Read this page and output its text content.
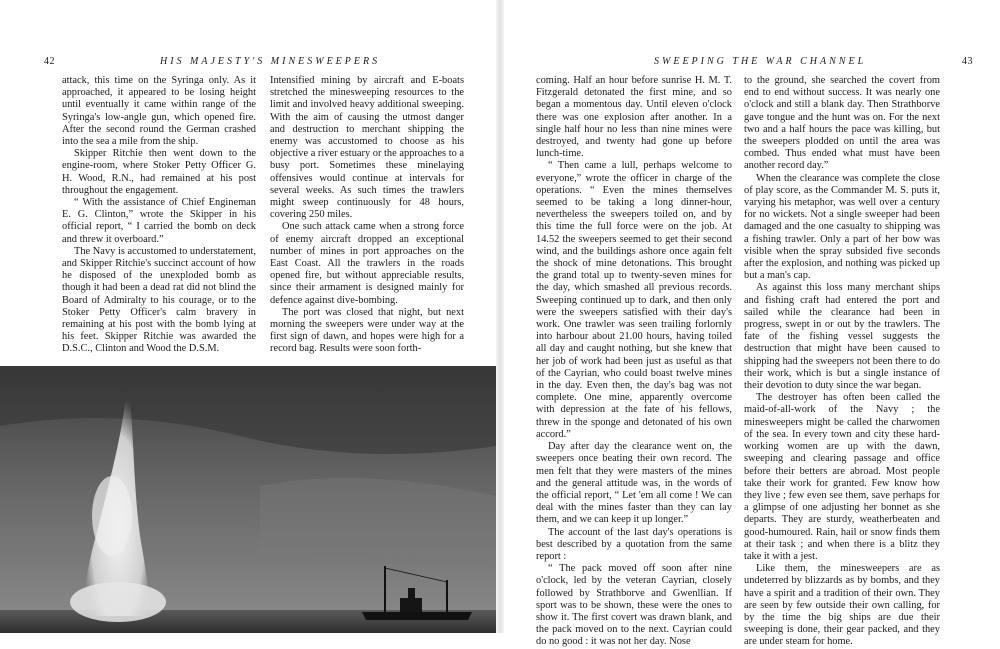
42	HIS MAJESTY'S MINESWEEPERS

attack, this time on the Syringa only. As it approached, it appeared to be losing height until eventually it came within range of the Syringa's low-angle gun, which opened fire. After the second round the German crashed into the sea a mile from the ship.

Skipper Ritchie then went down to the engine-room, where Stoker Petty Officer G. H. Wood, R.N., had remained at his post throughout the engagement.

“ With the assistance of Chief Engineman E. G. Clinton,” wrote the Skipper in his official report, “ I carried the bomb on deck and threw it overboard.”

The Navy is accustomed to understatement, and Skipper Ritchie's succinct account of how he disposed of the unexploded bomb as though it had been a dead rat did not blind the Board of Admiralty to his courage, or to the Stoker Petty Officer's calm bravery in remaining at his post with the bomb lying at his feet. Skipper Ritchie was awarded the D.S.C., Clinton and Wood the D.S.M.

Intensified mining by aircraft and E-boats stretched the minesweeping resources to the limit and involved heavy additional sweeping. With the aim of causing the utmost danger and destruction to merchant shipping the enemy was accustomed to choose as his objective a river estuary or the approaches to a busy port. Sometimes these minelaying offensives would continue at intervals for several weeks. As such times the trawlers might sweep continuously for 48 hours, covering 250 miles.

One such attack came when a strong force of enemy aircraft dropped an exceptional number of mines in port approaches on the East Coast. All the trawlers in the roads opened fire, but without appreciable results, since their armament is designed mainly for defence against dive-bombing.

The port was closed that night, but next morning the sweepers were under way at the first sign of dawn, and hopes were high for a record bag. Results were soon forth-

SWEEPING THE WAR CHANNEL	43

coming. Half an hour before sunrise H. M. T. Fitzgerald detonated the first mine, and so began a momentous day. Until eleven o'clock there was one explosion after another. In a single half hour no less than nine mines were destroyed, and twenty had gone up before lunch-time.

“ Then came a lull, perhaps welcome to everyone,” wrote the officer in charge of the operations. “ Even the mines themselves seemed to be taking a long dinner-hour, nevertheless the sweepers toiled on, and by this time the full force were on the job. At 14.52 the sweepers seemed to get their second wind, and the buildings ashore once again felt the shock of mine detonations. This brought the grand total up to twenty-seven mines for the day, which smashed all previous records. Sweeping continued up to dark, and then only were the sweepers satisfied with their day's work. One trawler was seen trailing forlornly into harbour about 21.00 hours, having toiled all day and caught nothing, but she knew that her job of work had been just as useful as that of the Cayrian, who could boast twelve mines in the day. Even then, the day's bag was not complete. One mine, apparently overcome with depression at the fate of his fellows, threw in the sponge and detonated of his own accord.”

Day after day the clearance went on, the sweepers once beating their own record. The men felt that they were masters of the mines and the general attitude was, in the words of the official report, “ Let 'em all come ! We can deal with the mines faster than they can lay them, and we can keep it up longer.”

The account of the last day's operations is best described by a quotation from the same report :

“ The pack moved off soon after nine o'clock, led by the veteran Cayrian, closely followed by Strathborve and Gwenllian. If sport was to be shown, these were the ones to show it. The first covert was drawn blank, and the pack moved on to the next. Cayrian could do no good : it was not her day. Nose

to the ground, she searched the covert from end to end without success. It was nearly one o'clock and still a blank day. Then Strathborve gave tongue and the hunt was on. For the next two and a half hours the pace was killing, but the sweepers plodded on until the area was combed. Thus ended what must have been another record day.”

When the clearance was complete the close of play score, as the Commander M. S. puts it, varying his metaphor, was well over a century for no wickets. Not a single sweeper had been damaged and the one casualty to shipping was a fishing trawler. Only a part of her bow was visible when the spray subsided five seconds after the explosion, and nothing was picked up but a man's cap.

As against this loss many merchant ships and fishing craft had entered the port and sailed while the clearance had been in progress, swept in or out by the trawlers. The fate of the fishing vessel suggests the destruction that might have been caused to shipping had the sweepers not been there to do their work, which is but a single instance of their devotion to duty since the war began.

The destroyer has often been called the maid-of-all-work of the Navy ; the minesweepers might be called the charwomen of the sea. In every town and city these hard-working women are up with the dawn, sweeping and clearing passage and office before their betters are abroad. Most people take their work for granted. Few know how they live ; few even see them, save perhaps for a glimpse of one adjusting her bonnet as she departs. They are sturdy, weatherbeaten and good-humoured. Rain, hail or snow finds them at their task ; and when there is a blitz they take it with a jest.

Like them, the minesweepers are as undeterred by blizzards as by bombs, and they have a spirit and a tradition of their own. They are seen by few outside their own calling, for by the time the big ships are due their sweeping is done, their gear packed, and they are under steam for home.
